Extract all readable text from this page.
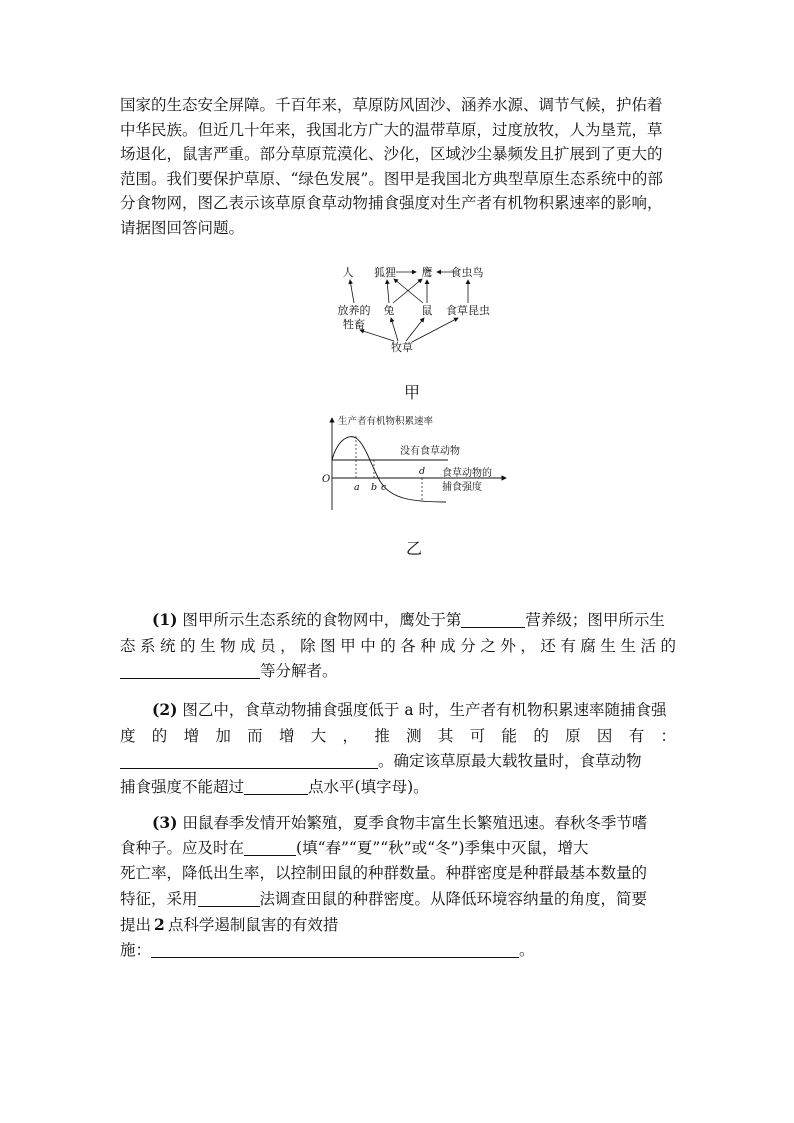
国家的生态安全屏障。千百年来，草原防风固沙、涵养水源、调节气候，护佑着
中华民族。但近几十年来，我国北方广大的温带草原，过度放牧，人为垦荒，草
场退化，鼠害严重。部分草原荒漠化、沙化，区域沙尘暴频发且扩展到了更大的
范围。我们要保护草原、“绿色发展”。图甲是我国北方典型草原生态系统中的部
分食物网，图乙表示该草原食草动物捕食强度对生产者有机物积累速率的影响，
请据图回答问题。
人 狐狸 鹰 食虫鸟
放养的
牲畜
兔 鼠 食草昆虫
牧草
甲
生产者有机物积累速率
没有食草动物
O
a b c
d 食草动物的
捕食强度
乙
(1) 图甲所示生态系统的食物网中，鹰处于第	营养级；图甲所示生
态系统的生物成员，除图甲中的各种成分之外，还有腐生生活的
等分解者。
(2) 图乙中，食草动物捕食强度低于 a 时，生产者有机物积累速率随捕食强
度的增加而增大，推测其可能的原因有：
。确定该草原最大载牧量时，食草动物
捕食强度不能超过	点水平(填字母)。
(3) 田鼠春季发情开始繁殖，夏季食物丰富生长繁殖迅速。春秋冬季节嗜
食种子。应及时在	(填“春”“夏”“秋”或“冬”)季集中灭鼠，增大
死亡率，降低出生率，以控制田鼠的种群数量。种群密度是种群最基本数量的
特征，采用	法调查田鼠的种群密度。从降低环境容纳量的角度，简要
提出 2 点科学遏制鼠害的有效措
施：	。
